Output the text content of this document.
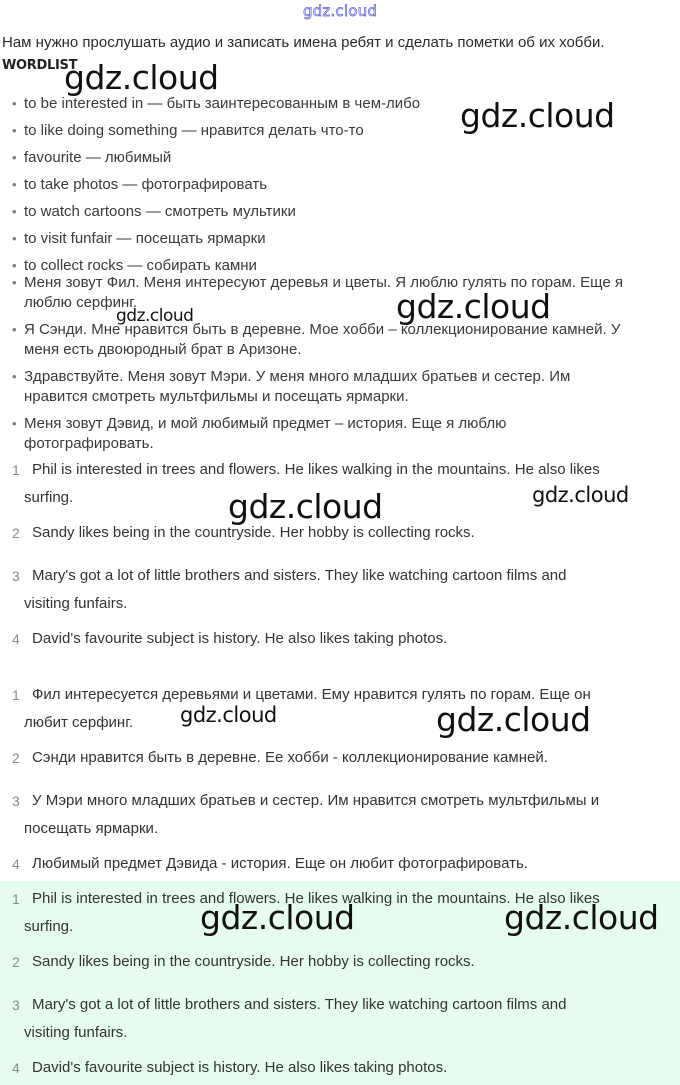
gdz.cloud
Нам нужно прослушать аудио и записать имена ребят и сделать пометки об их хобби.
WORDLIST
• to be interested in — быть заинтересованным в чем-либо
• to like doing something — нравится делать что-то
• favourite — любимый
• to take photos — фотографировать
• to watch cartoons — смотреть мультики
• to visit funfair — посещать ярмарки
• to collect rocks — собирать камни
• Меня зовут Фил. Меня интересуют деревья и цветы. Я люблю гулять по горам. Еще я
люблю серфинг.
• Я Сэнди. Мне нравится быть в деревне. Мое хобби – коллекционирование камней. У
меня есть двоюродный брат в Аризоне.
• Здравствуйте. Меня зовут Мэри. У меня много младших братьев и сестер. Им
нравится смотреть мультфильмы и посещать ярмарки.
• Меня зовут Дэвид, и мой любимый предмет – история. Еще я люблю
фотографировать.
1 Phil is interested in trees and flowers. He likes walking in the mountains. He also likes
surfing.
2 Sandy likes being in the countryside. Her hobby is collecting rocks.
3 Mary's got a lot of little brothers and sisters. They like watching cartoon films and
visiting funfairs.
4 David's favourite subject is history. He also likes taking photos.
1 Фил интересуется деревьями и цветами. Ему нравится гулять по горам. Еще он
любит серфинг.
2 Сэнди нравится быть в деревне. Ее хобби - коллекционирование камней.
3 У Мэри много младших братьев и сестер. Им нравится смотреть мультфильмы и
посещать ярмарки.
4 Любимый предмет Дэвида - история. Еще он любит фотографировать.
1 Phil is interested in trees and flowers. He likes walking in the mountains. He also likes
surfing.
2 Sandy likes being in the countryside. Her hobby is collecting rocks.
3 Mary's got a lot of little brothers and sisters. They like watching cartoon films and
visiting funfairs.
4 David's favourite subject is history. He also likes taking photos.
gdz.cloud
gdz.cloud
gdz.cloud	gdz.cloud
gdz.cloud	gdz.cloud
gdz.cloud	gdz.cloud
gdz.cloud	gdz.cloud
